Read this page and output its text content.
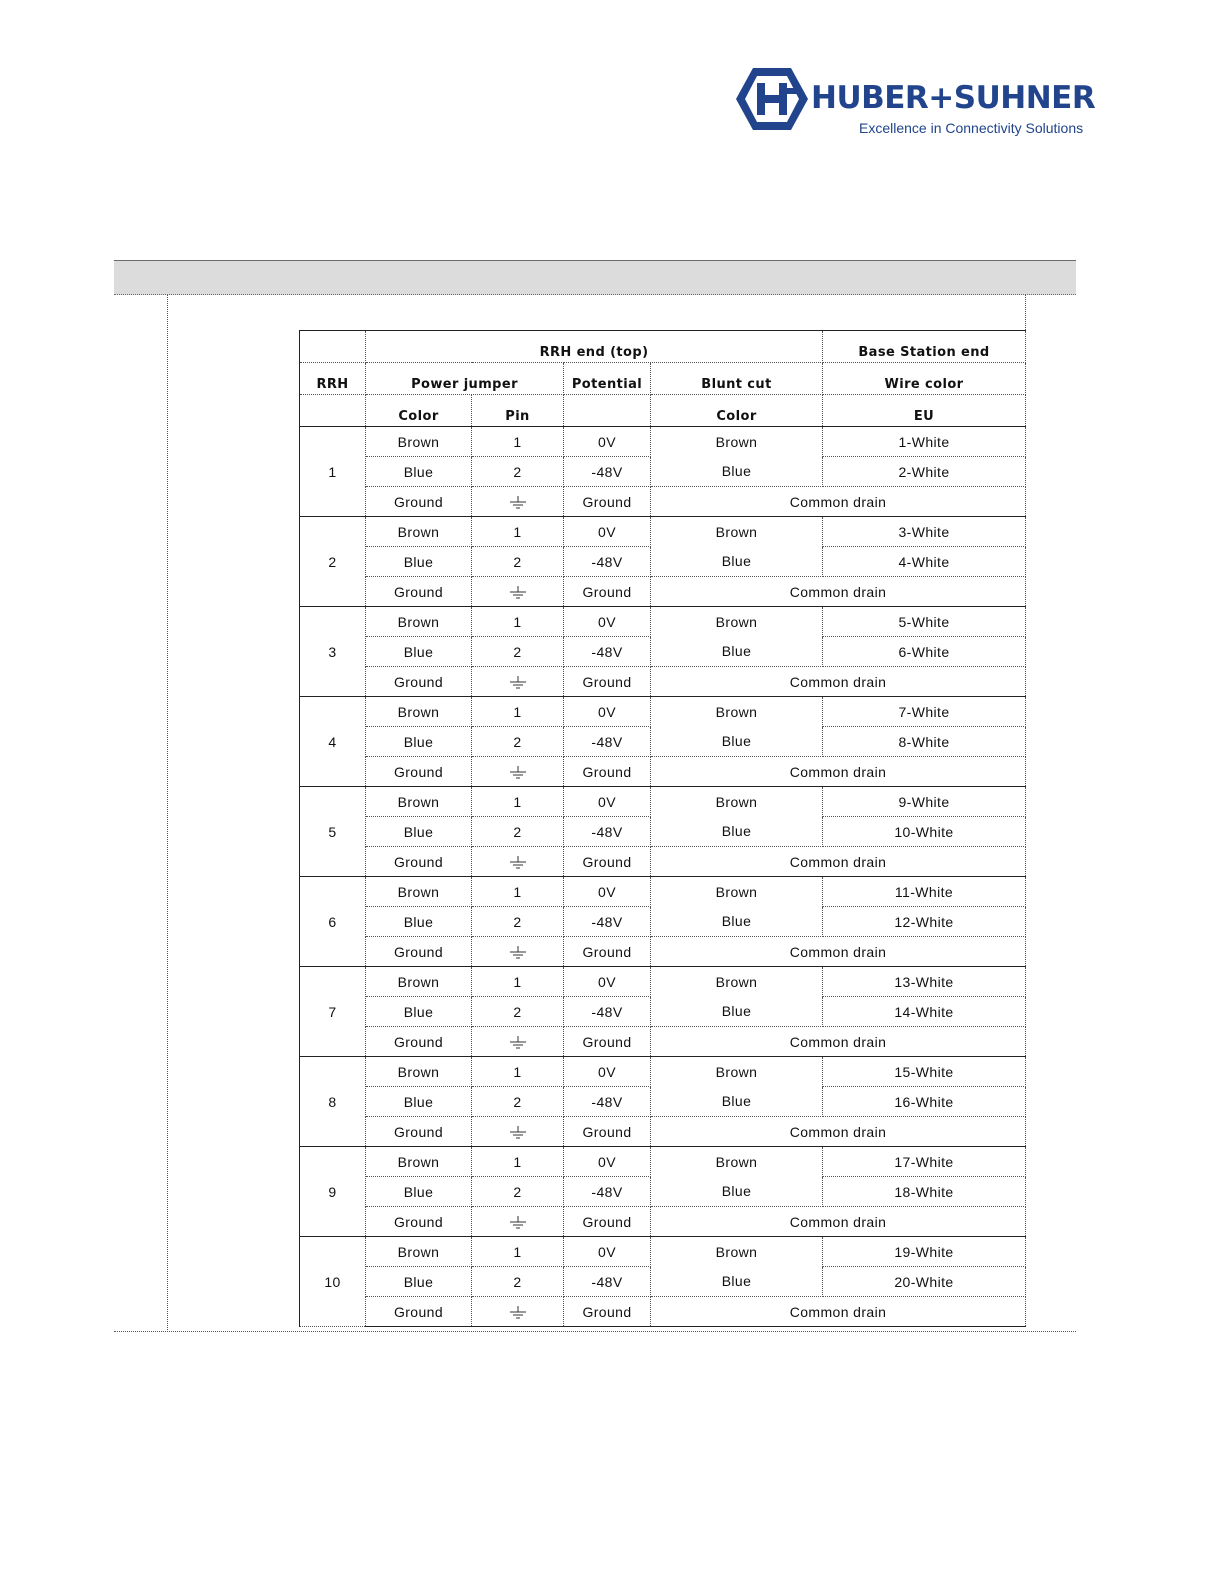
HUBER+SUHNER
Excellence in Connectivity Solutions
	RRH end (top)				Base Station end
RRH	Power jumper		Potential	Blunt cut	Wire color
	Color	Pin		Color	EU
1	Brown	1	0V	Brown	1-White
	Blue	2	-48V	Blue	2-White
	Ground		Ground	Common drain	
2	Brown	1	0V	Brown	3-White
	Blue	2	-48V	Blue	4-White
	Ground		Ground	Common drain	
3	Brown	1	0V	Brown	5-White
	Blue	2	-48V	Blue	6-White
	Ground		Ground	Common drain	
4	Brown	1	0V	Brown	7-White
	Blue	2	-48V	Blue	8-White
	Ground		Ground	Common drain	
5	Brown	1	0V	Brown	9-White
	Blue	2	-48V	Blue	10-White
	Ground		Ground	Common drain	
6	Brown	1	0V	Brown	11-White
	Blue	2	-48V	Blue	12-White
	Ground		Ground	Common drain	
7	Brown	1	0V	Brown	13-White
	Blue	2	-48V	Blue	14-White
	Ground		Ground	Common drain	
8	Brown	1	0V	Brown	15-White
	Blue	2	-48V	Blue	16-White
	Ground		Ground	Common drain	
9	Brown	1	0V	Brown	17-White
	Blue	2	-48V	Blue	18-White
	Ground		Ground	Common drain	
10	Brown	1	0V	Brown	19-White
	Blue	2	-48V	Blue	20-White
	Ground		Ground	Common drain	
